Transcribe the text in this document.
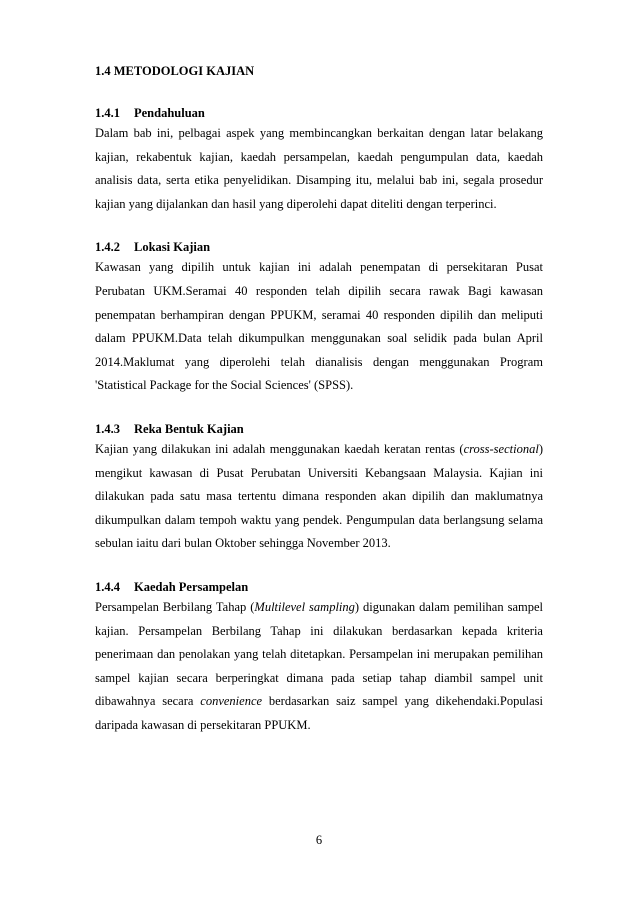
1.4 METODOLOGI KAJIAN
1.4.1 Pendahuluan

Dalam bab ini, pelbagai aspek yang membincangkan berkaitan dengan latar belakang kajian, rekabentuk kajian, kaedah persampelan, kaedah pengumpulan data, kaedah analisis data, serta etika penyelidikan. Disamping itu, melalui bab ini, segala prosedur kajian yang dijalankan dan hasil yang diperolehi dapat diteliti dengan terperinci.

1.4.2 Lokasi Kajian

Kawasan yang dipilih untuk kajian ini adalah penempatan di persekitaran Pusat Perubatan UKM.Seramai 40 responden telah dipilih secara rawak Bagi kawasan penempatan berhampiran dengan PPUKM, seramai 40 responden dipilih dan meliputi dalam PPUKM.Data telah dikumpulkan menggunakan soal selidik pada bulan April 2014.Maklumat yang diperolehi telah dianalisis dengan menggunakan Program 'Statistical Package for the Social Sciences' (SPSS).

1.4.3 Reka Bentuk Kajian

Kajian yang dilakukan ini adalah menggunakan kaedah keratan rentas (cross-sectional) mengikut kawasan di Pusat Perubatan Universiti Kebangsaan Malaysia. Kajian ini dilakukan pada satu masa tertentu dimana responden akan dipilih dan maklumatnya dikumpulkan dalam tempoh waktu yang pendek. Pengumpulan data berlangsung selama sebulan iaitu dari bulan Oktober sehingga November 2013.

1.4.4 Kaedah Persampelan

Persampelan Berbilang Tahap (Multilevel sampling) digunakan dalam pemilihan sampel kajian. Persampelan Berbilang Tahap ini dilakukan berdasarkan kepada kriteria penerimaan dan penolakan yang telah ditetapkan. Persampelan ini merupakan pemilihan sampel kajian secara berperingkat dimana pada setiap tahap diambil sampel unit dibawahnya secara convenience berdasarkan saiz sampel yang dikehendaki.Populasi daripada kawasan di persekitaran PPUKM.

6
